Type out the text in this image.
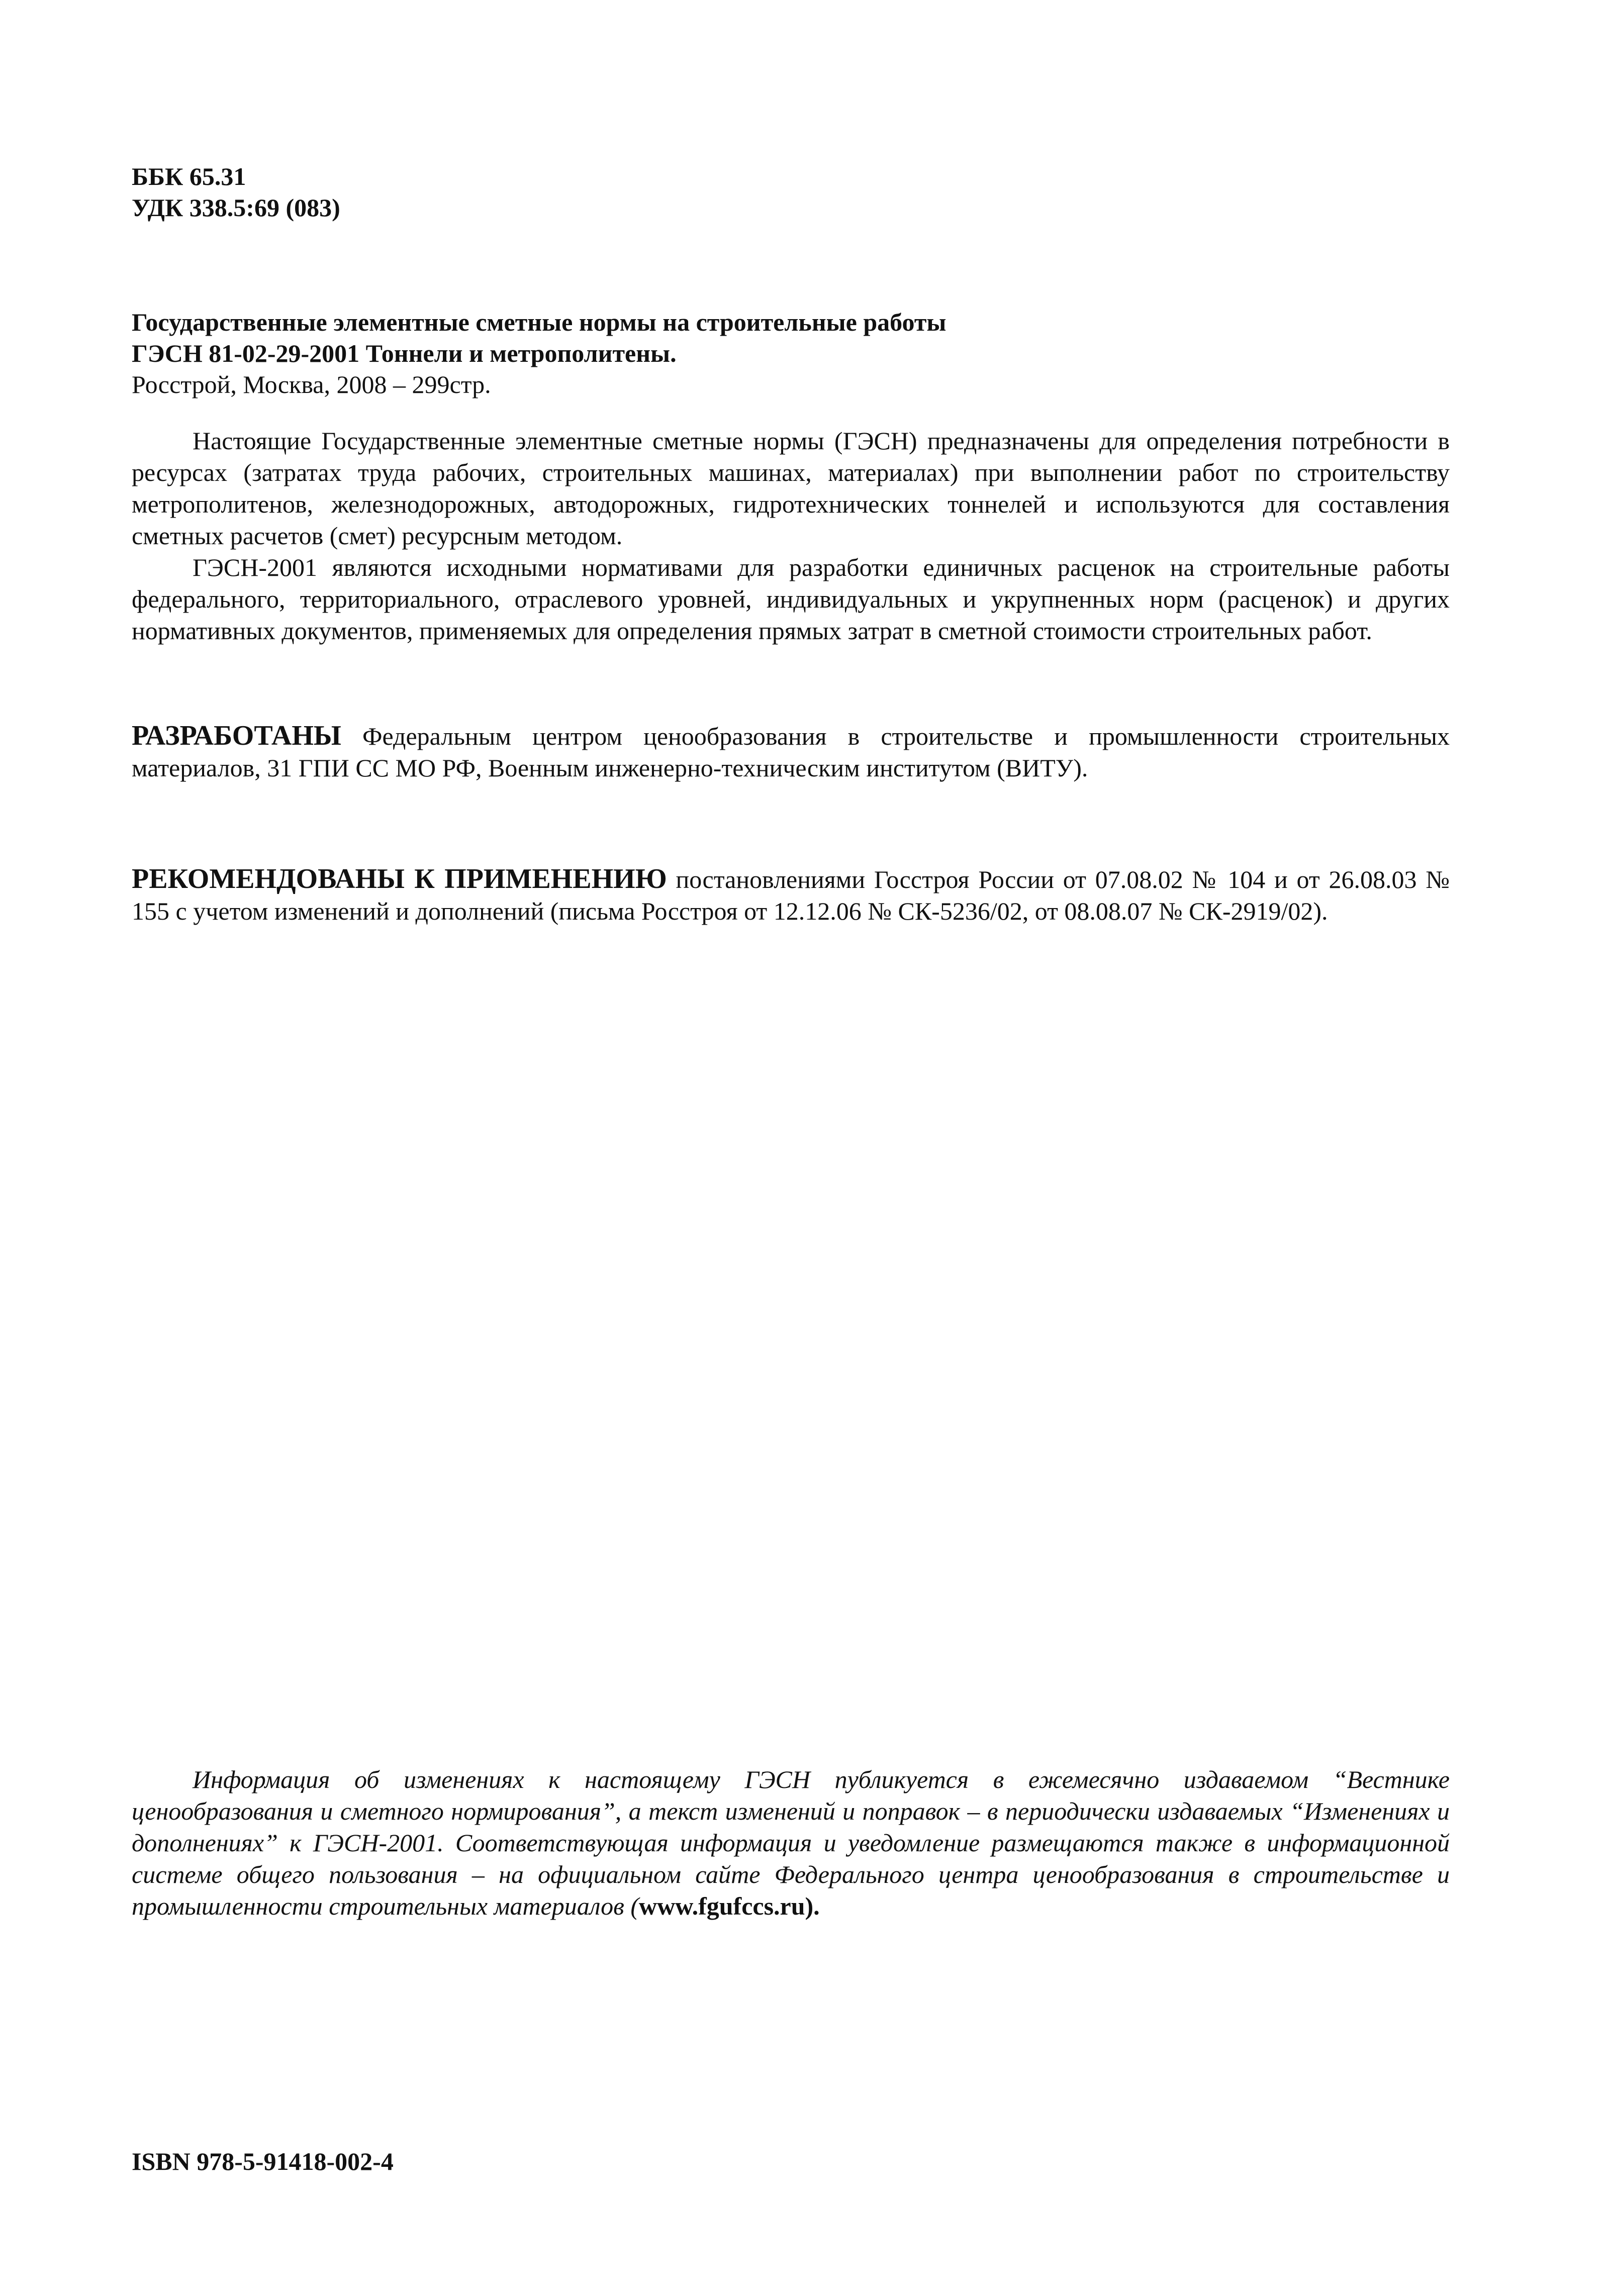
ББК 65.31
УДК 338.5:69 (083)
Государственные элементные сметные нормы на строительные работы
ГЭСН 81-02-29-2001 Тоннели и метрополитены.
Росстрой, Москва, 2008 – 299стр.

Настоящие Государственные элементные сметные нормы (ГЭСН) предназначены для определения потребности в ресурсах (затратах труда рабочих, строительных машинах, материалах) при выполнении работ по строительству метрополитенов, железнодорожных, автодорожных, гидротехнических тоннелей и используются для составления сметных расчетов (смет) ресурсным методом.

ГЭСН-2001 являются исходными нормативами для разработки единичных расценок на строительные работы федерального, территориального, отраслевого уровней, индивидуальных и укрупненных норм (расценок) и других нормативных документов, применяемых для определения прямых затрат в сметной стоимости строительных работ.

РАЗРАБОТАНЫ Федеральным центром ценообразования в строительстве и промышленности строительных материалов, 31 ГПИ СС МО РФ, Военным инженерно-техническим институтом (ВИТУ).

РЕКОМЕНДОВАНЫ К ПРИМЕНЕНИЮ постановлениями Госстроя России от 07.08.02 № 104 и от 26.08.03 № 155 с учетом изменений и дополнений (письма Росстроя от 12.12.06 № СК-5236/02, от 08.08.07 № СК-2919/02).

Информация об изменениях к настоящему ГЭСН публикуется в ежемесячно издаваемом “Вестнике ценообразования и сметного нормирования”, а текст изменений и поправок – в периодически издаваемых “Изменениях и дополнениях” к ГЭСН-2001. Соответствующая информация и уведомление размещаются также в информационной системе общего пользования – на официальном сайте Федерального центра ценообразования в строительстве и промышленности строительных материалов (www.fgufccs.ru).

ISBN 978-5-91418-002-4
